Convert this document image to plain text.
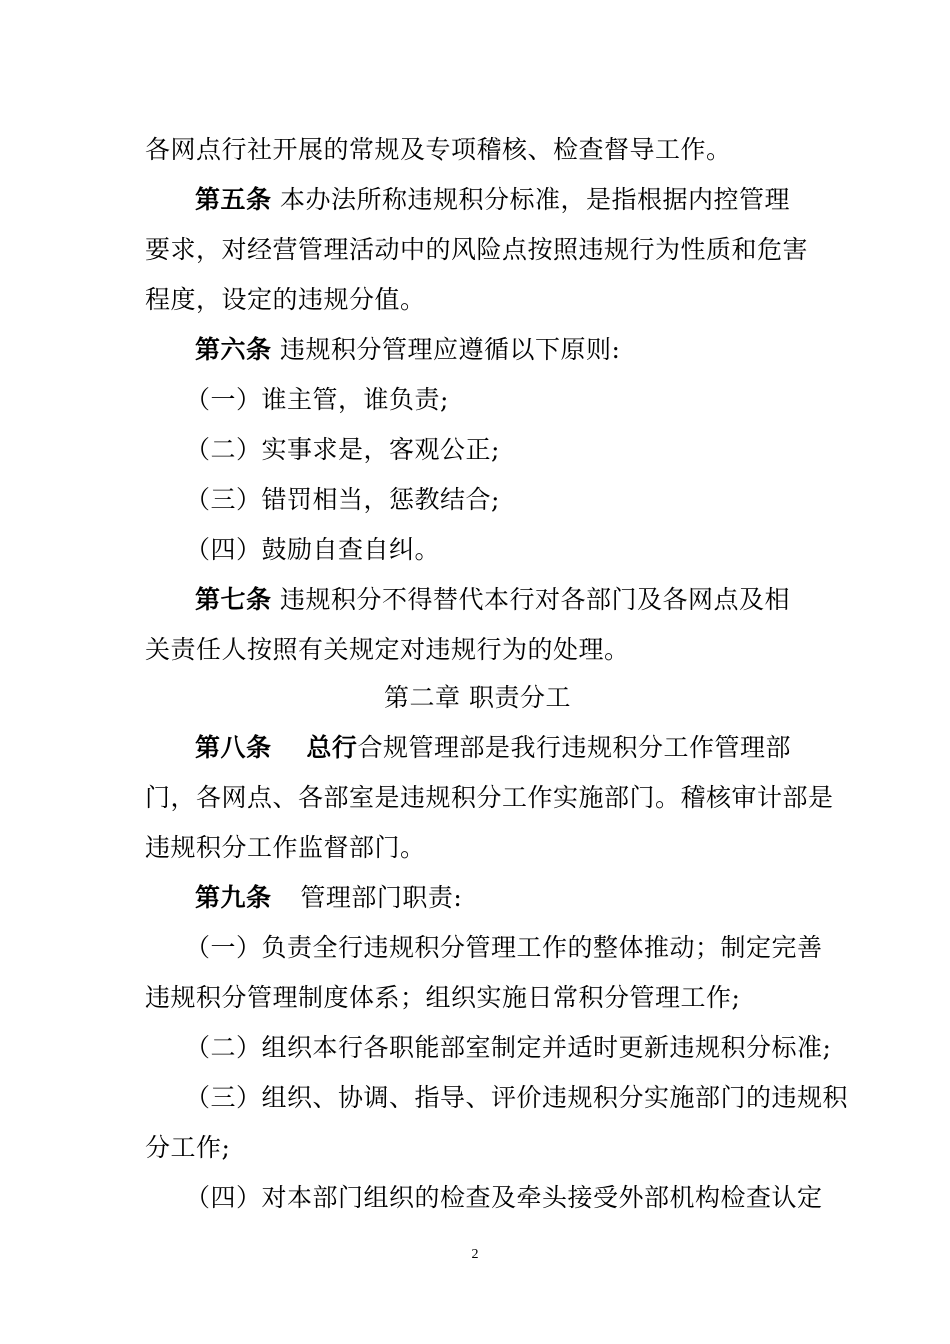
各网点行社开展的常规及专项稽核、检查督导工作。
第五条 本办法所称违规积分标准，是指根据内控管理
要求，对经营管理活动中的风险点按照违规行为性质和危害
程度，设定的违规分值。
第六条 违规积分管理应遵循以下原则:
（一）谁主管，谁负责;
（二）实事求是，客观公正;
（三）错罚相当，惩教结合;
（四）鼓励自查自纠。
第七条 违规积分不得替代本行对各部门及各网点及相
关责任人按照有关规定对违规行为的处理。
第二章 职责分工
第八条 总行合规管理部是我行违规积分工作管理部
门，各网点、各部室是违规积分工作实施部门。稽核审计部是
违规积分工作监督部门。
第九条 管理部门职责:
（一）负责全行违规积分管理工作的整体推动；制定完善
违规积分管理制度体系；组织实施日常积分管理工作;
（二）组织本行各职能部室制定并适时更新违规积分标准;
（三）组织、协调、指导、评价违规积分实施部门的违规积
分工作;
（四）对本部门组织的检查及牵头接受外部机构检查认定
2
